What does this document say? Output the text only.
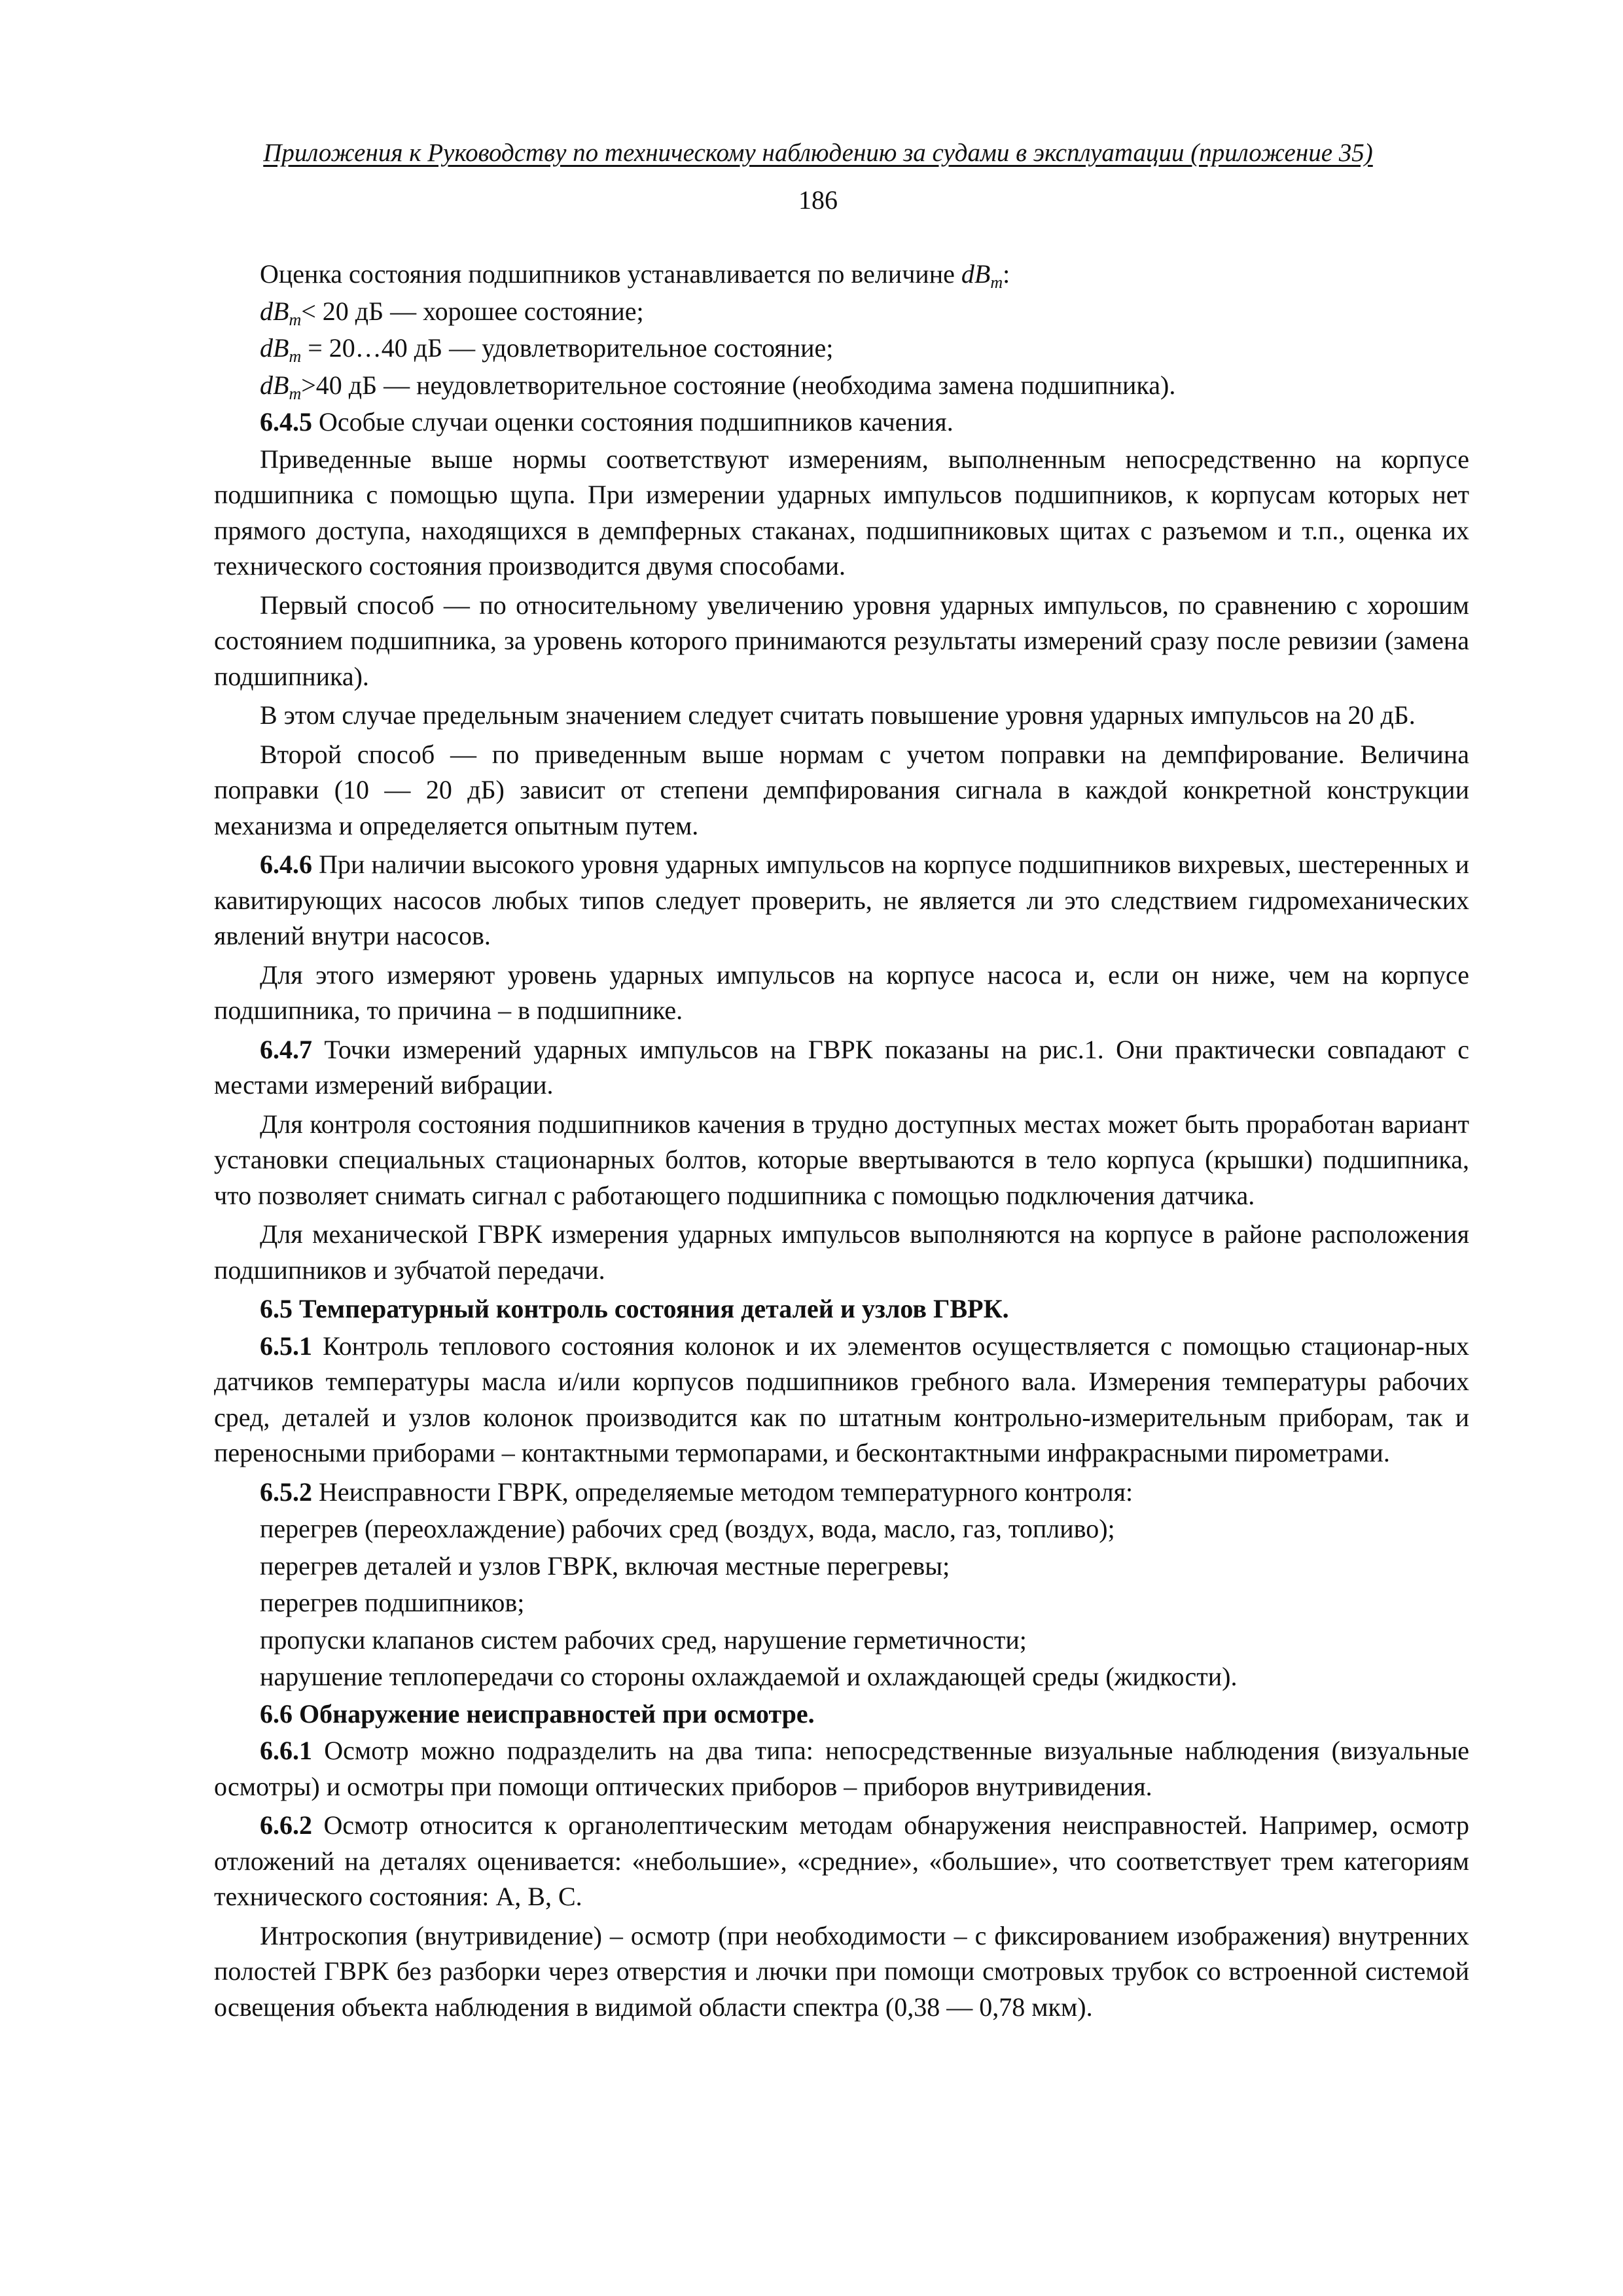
Приложения к Руководству по техническому наблюдению за судами в эксплуатации (приложение 35)
186

Оценка состояния подшипников устанавливается по величине $dB_m$:

$dB_m< 20$ дБ — хорошее состояние;

$dB_m$ = 20…40 дБ — удовлетворительное состояние;

$dB_m>40$ дБ — неудовлетворительное состояние (необходима замена подшипника).

6.4.5 Особые случаи оценки состояния подшипников качения.

Приведенные выше нормы соответствуют измерениям, выполненным непосредственно на корпусе подшипника с помощью щупа. При измерении ударных импульсов подшипников, к корпусам которых нет прямого доступа, находящихся в демпферных стаканах, подшипниковых щитах с разъемом и т.п., оценка их технического состояния производится двумя способами.

Первый способ — по относительному увеличению уровня ударных импульсов, по сравнению с хорошим состоянием подшипника, за уровень которого принимаются результаты измерений сразу после ревизии (замена подшипника).

В этом случае предельным значением следует считать повышение уровня ударных импульсов на 20 дБ.

Второй способ — по приведенным выше нормам с учетом поправки на демпфирование. Величина поправки (10 — 20 дБ) зависит от степени демпфирования сигнала в каждой конкретной конструкции механизма и определяется опытным путем.

6.4.6 При наличии высокого уровня ударных импульсов на корпусе подшипников вихревых, шестеренных и кавитирующих насосов любых типов следует проверить, не является ли это следствием гидромеханических явлений внутри насосов.

Для этого измеряют уровень ударных импульсов на корпусе насоса и, если он ниже, чем на корпусе подшипника, то причина – в подшипнике.

6.4.7 Точки измерений ударных импульсов на ГВРК показаны на рис.1. Они практически совпадают с местами измерений вибрации.

Для контроля состояния подшипников качения в трудно доступных местах может быть проработан вариант установки специальных стационарных болтов, которые ввертываются в тело корпуса (крышки) подшипника, что позволяет снимать сигнал с работающего подшипника с помощью подключения датчика.

Для механической ГВРК измерения ударных импульсов выполняются на корпусе в районе расположения подшипников и зубчатой передачи.

6.5 Температурный контроль состояния деталей и узлов ГВРК.

6.5.1 Контроль теплового состояния колонок и их элементов осуществляется с помощью стационар-ных датчиков температуры масла и/или корпусов подшипников гребного вала. Измерения температуры рабочих сред, деталей и узлов колонок производится как по штатным контрольно-измерительным приборам, так и переносными приборами – контактными термопарами, и бесконтактными инфракрасными пирометрами.

6.5.2 Неисправности ГВРК, определяемые методом температурного контроля:

перегрев (переохлаждение) рабочих сред (воздух, вода, масло, газ, топливо);

перегрев деталей и узлов ГВРК, включая местные перегревы;

перегрев подшипников;

пропуски клапанов систем рабочих сред, нарушение герметичности;

нарушение теплопередачи со стороны охлаждаемой и охлаждающей среды (жидкости).

6.6 Обнаружение неисправностей при осмотре.

6.6.1 Осмотр можно подразделить на два типа: непосредственные визуальные наблюдения (визуальные осмотры) и осмотры при помощи оптических приборов – приборов внутривидения.

6.6.2 Осмотр относится к органолептическим методам обнаружения неисправностей. Например, осмотр отложений на деталях оценивается: «небольшие», «средние», «большие», что соответствует трем категориям технического состояния: А, В, С.

Интроскопия (внутривидение) – осмотр (при необходимости – с фиксированием изображения) внутренних полостей ГВРК без разборки через отверстия и лючки при помощи смотровых трубок со встроенной системой освещения объекта наблюдения в видимой области спектра (0,38 — 0,78 мкм).
